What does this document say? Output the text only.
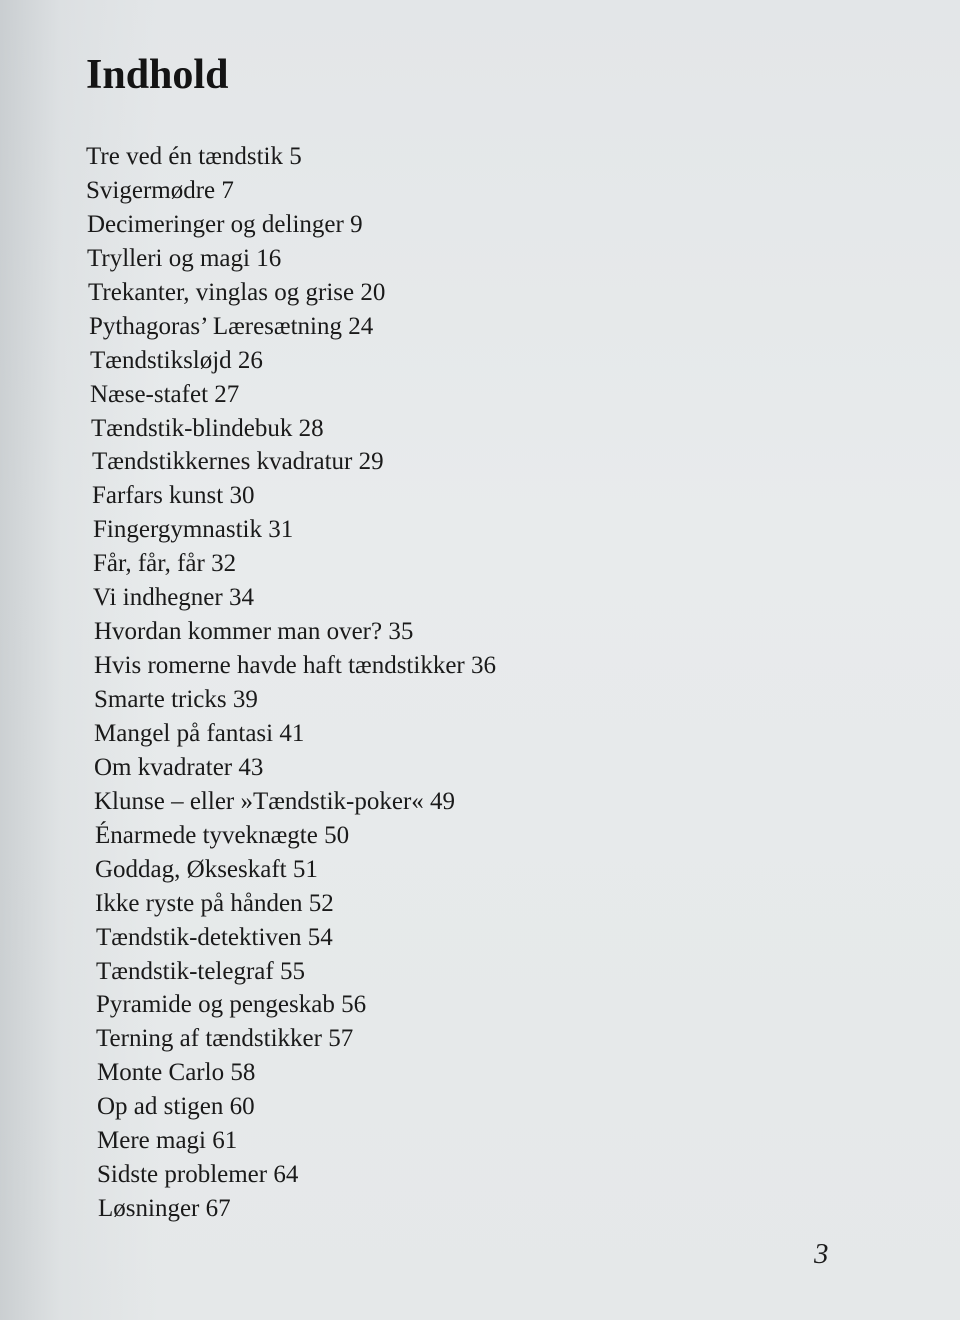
Indhold
Tre ved én tændstik 5
Svigermødre 7
Decimeringer og delinger 9
Trylleri og magi 16
Trekanter, vinglas og grise 20
Pythagoras’ Læresætning 24
Tændstiksløjd 26
Næse-stafet 27
Tændstik-blindebuk 28
Tændstikkernes kvadratur 29
Farfars kunst 30
Fingergymnastik 31
Får, får, får 32
Vi indhegner 34
Hvordan kommer man over? 35
Hvis romerne havde haft tændstikker 36
Smarte tricks 39
Mangel på fantasi 41
Om kvadrater 43
Klunse – eller »Tændstik-poker« 49
Énarmede tyveknægte 50
Goddag, Økseskaft 51
Ikke ryste på hånden 52
Tændstik-detektiven 54
Tændstik-telegraf 55
Pyramide og pengeskab 56
Terning af tændstikker 57
Monte Carlo 58
Op ad stigen 60
Mere magi 61
Sidste problemer 64
Løsninger 67
3
